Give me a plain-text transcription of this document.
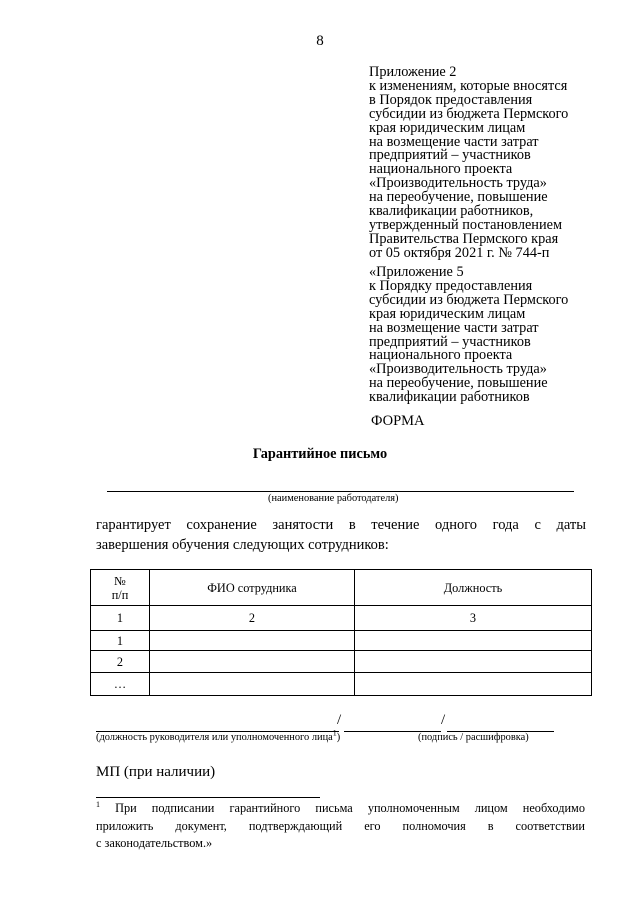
8
Приложение 2
к изменениям, которые вносятся
в Порядок предоставления
субсидии из бюджета Пермского
края юридическим лицам
на возмещение части затрат
предприятий – участников
национального проекта
«Производительность труда»
на переобучение, повышение
квалификации работников,
утвержденный постановлением
Правительства Пермского края
от 05 октября 2021 г. № 744-п
«Приложение 5
к Порядку предоставления
субсидии из бюджета Пермского
края юридическим лицам
на возмещение части затрат
предприятий – участников
национального проекта
«Производительность труда»
на переобучение, повышение
квалификации работников
ФОРМА
Гарантийное письмо
(наименование работодателя)
гарантирует сохранение занятости в течение одного года с даты
завершения обучения следующих сотрудников:
№
п/п	ФИО сотрудника	Должность
1	2	3
1		
2		
…		
/	/
(должность руководителя или уполномоченного лица$^1$)	(подпись / расшифровка)
МП (при наличии)
$^1$ При подписании гарантийного письма уполномоченным лицом необходимо
приложить документ, подтверждающий его полномочия в соответствии
с законодательством.»
